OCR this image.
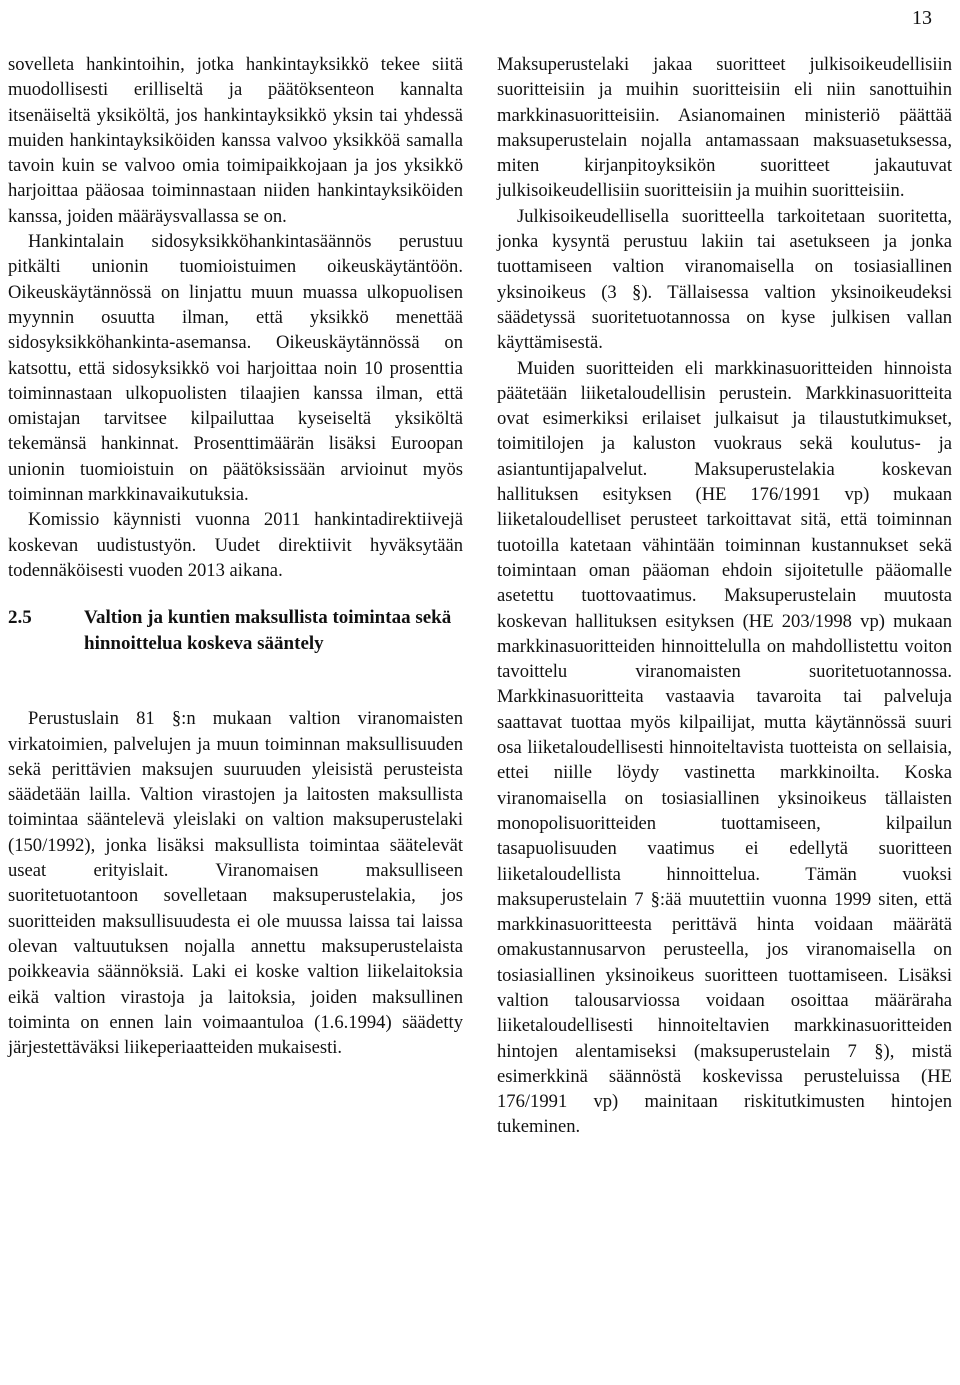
13

sovelleta hankintoihin, jotka hankintayksikkö tekee siitä muodollisesti erilliseltä ja päätöksenteon kannalta itsenäiseltä yksiköltä, jos hankintayksikkö yksin tai yhdessä muiden hankintayksiköiden kanssa valvoo yksikköä samalla tavoin kuin se valvoo omia toimipaikkojaan ja jos yksikkö harjoittaa pääosaa toiminnastaan niiden hankintayksiköiden kanssa, joiden määräysvallassa se on.

Hankintalain sidosyksikköhankintasäännös perustuu pitkälti unionin tuomioistuimen oikeuskäytäntöön. Oikeuskäytännössä on linjattu muun muassa ulkopuolisen myynnin osuutta ilman, että yksikkö menettää sidosyksikköhankinta-asemansa. Oikeuskäytännössä on katsottu, että sidosyksikkö voi harjoittaa noin 10 prosenttia toiminnastaan ulkopuolisten tilaajien kanssa ilman, että omistajan tarvitsee kilpailuttaa kyseiseltä yksiköltä tekemänsä hankinnat. Prosenttimäärän lisäksi Euroopan unionin tuomioistuin on päätöksissään arvioinut myös toiminnan markkinavaikutuksia.

Komissio käynnisti vuonna 2011 hankintadirektiivejä koskevan uudistustyön. Uudet direktiivit hyväksytään todennäköisesti vuoden 2013 aikana.

2.5	Valtion ja kuntien maksullista toimintaa sekä hinnoittelua koskeva sääntely

Perustuslain 81 §:n mukaan valtion viranomaisten virkatoimien, palvelujen ja muun toiminnan maksullisuuden sekä perittävien maksujen suuruuden yleisistä perusteista säädetään lailla. Valtion virastojen ja laitosten maksullista toimintaa sääntelevä yleislaki on valtion maksuperustelaki (150/1992), jonka lisäksi maksullista toimintaa säätelevät useat erityislait. Viranomaisen maksulliseen suoritetuotantoon sovelletaan maksuperustelakia, jos suoritteiden maksullisuudesta ei ole muussa laissa tai laissa olevan valtuutuksen nojalla annettu maksuperustelaista poikkeavia säännöksiä. Laki ei koske valtion liikelaitoksia eikä valtion virastoja ja laitoksia, joiden maksullinen toiminta on ennen lain voimaantuloa (1.6.1994) säädetty järjestettäväksi liikeperiaatteiden mukaisesti.

Maksuperustelaki jakaa suoritteet julkisoikeudellisiin suoritteisiin ja muihin suoritteisiin eli niin sanottuihin markkinasuoritteisiin. Asianomainen ministeriö päättää maksuperustelain nojalla antamassaan maksuasetuksessa, miten kirjanpitoyksikön suoritteet jakautuvat julkisoikeudellisiin suoritteisiin ja muihin suoritteisiin.

Julkisoikeudellisella suoritteella tarkoitetaan suoritetta, jonka kysyntä perustuu lakiin tai asetukseen ja jonka tuottamiseen valtion viranomaisella on tosiasiallinen yksinoikeus (3 §). Tällaisessa valtion yksinoikeudeksi säädetyssä suoritetuotannossa on kyse julkisen vallan käyttämisestä.

Muiden suoritteiden eli markkinasuoritteiden hinnoista päätetään liiketaloudellisin perustein. Markkinasuoritteita ovat esimerkiksi erilaiset julkaisut ja tilaustutkimukset, toimitilojen ja kaluston vuokraus sekä koulutus- ja asiantuntijapalvelut. Maksuperustelakia koskevan hallituksen esityksen (HE 176/1991 vp) mukaan liiketaloudelliset perusteet tarkoittavat sitä, että toiminnan tuotoilla katetaan vähintään toiminnan kustannukset sekä toimintaan oman pääoman ehdoin sijoitetulle pääomalle asetettu tuottovaatimus. Maksuperustelain muutosta koskevan hallituksen esityksen (HE 203/1998 vp) mukaan markkinasuoritteiden hinnoittelulla on mahdollistettu voiton tavoittelu viranomaisten suoritetuotannossa. Markkinasuoritteita vastaavia tavaroita tai palveluja saattavat tuottaa myös kilpailijat, mutta käytännössä suuri osa liiketaloudellisesti hinnoiteltavista tuotteista on sellaisia, ettei niille löydy vastinetta markkinoilta. Koska viranomaisella on tosiasiallinen yksinoikeus tällaisten monopolisuoritteiden tuottamiseen, kilpailun tasapuolisuuden vaatimus ei edellytä suoritteen liiketaloudellista hinnoittelua. Tämän vuoksi maksuperustelain 7 §:ää muutettiin vuonna 1999 siten, että markkinasuoritteesta perittävä hinta voidaan määrätä omakustannusarvon perusteella, jos viranomaisella on tosiasiallinen yksinoikeus suoritteen tuottamiseen. Lisäksi valtion talousarviossa voidaan osoittaa määräraha liiketaloudellisesti hinnoiteltavien markkinasuoritteiden hintojen alentamiseksi (maksuperustelain 7 §), mistä esimerkkinä säännöstä koskevissa perusteluissa (HE 176/1991 vp) mainitaan riskitutkimusten hintojen tukeminen.
